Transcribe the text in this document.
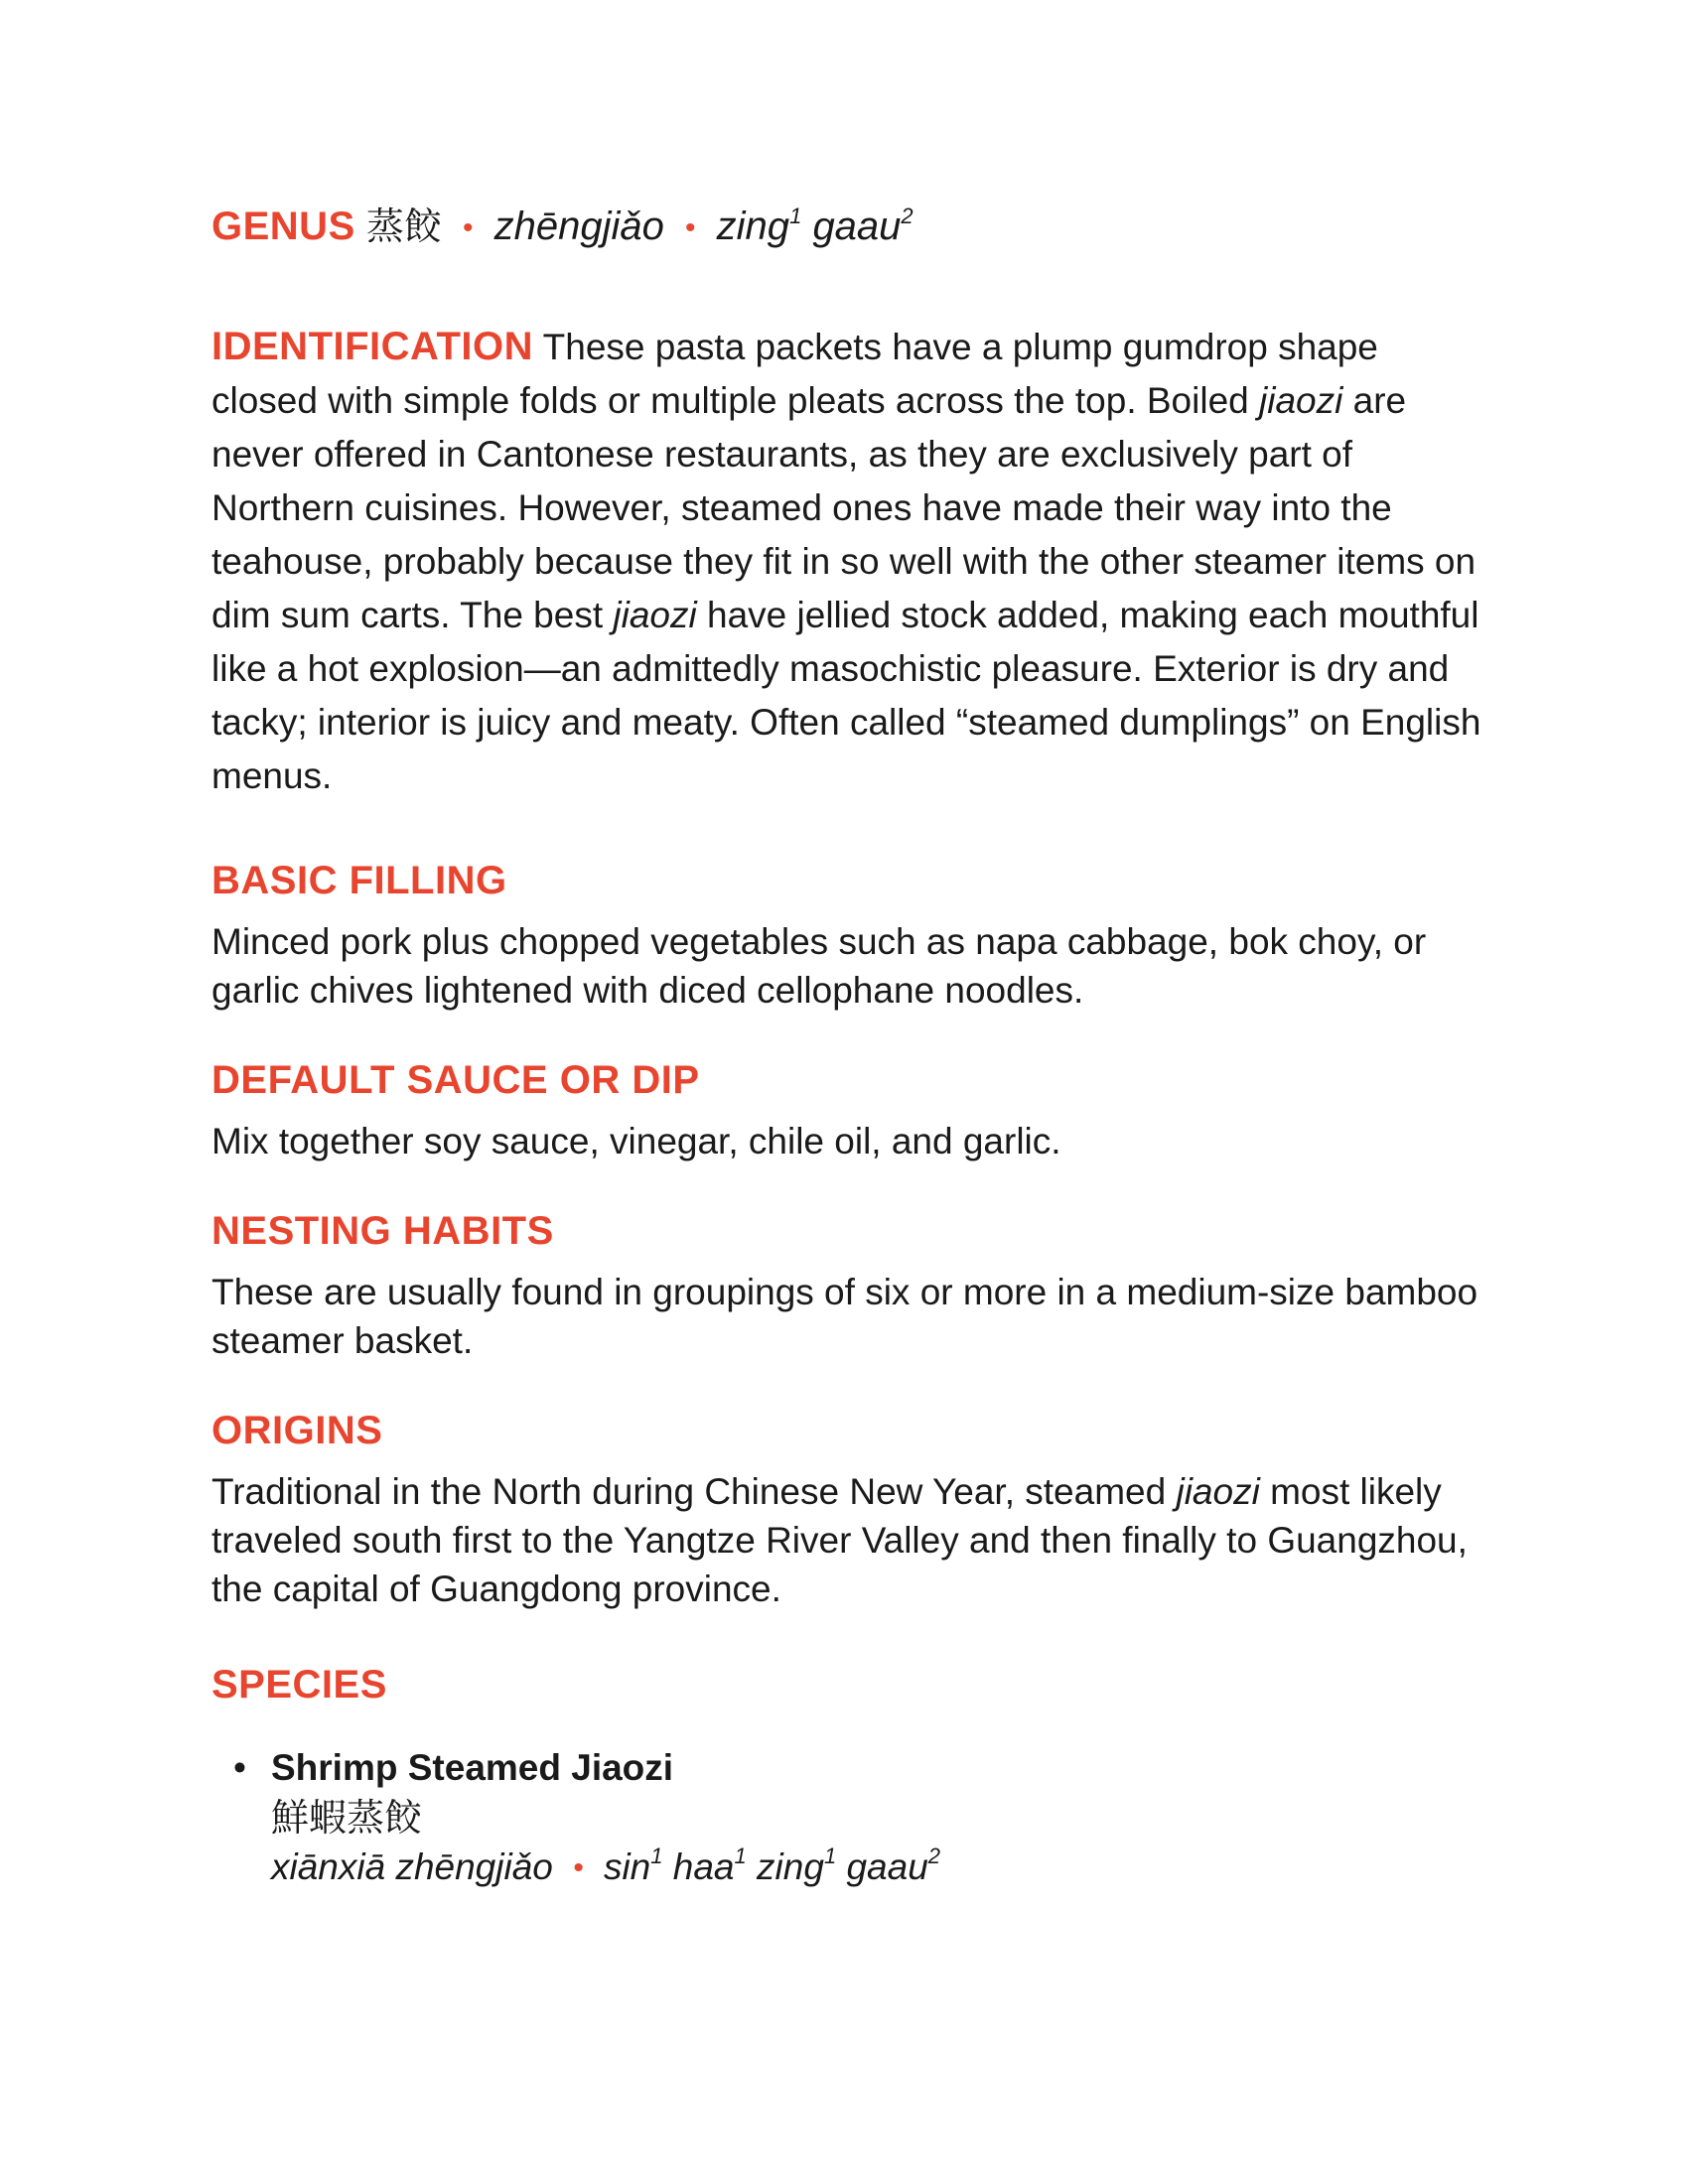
GENUS 蒸餃 • zhēngjiǎo • zing$^1$ gaau$^2$
IDENTIFICATION These pasta packets have a plump gumdrop shape closed with simple folds or multiple pleats across the top. Boiled jiaozi are never offered in Cantonese restaurants, as they are exclusively part of Northern cuisines. However, steamed ones have made their way into the teahouse, probably because they fit in so well with the other steamer items on dim sum carts. The best jiaozi have jellied stock added, making each mouthful like a hot explosion—an admittedly masochistic pleasure. Exterior is dry and tacky; interior is juicy and meaty. Often called “steamed dumplings” on English menus.
BASIC FILLING
Minced pork plus chopped vegetables such as napa cabbage, bok choy, or garlic chives lightened with diced cellophane noodles.
DEFAULT SAUCE OR DIP
Mix together soy sauce, vinegar, chile oil, and garlic.
NESTING HABITS
These are usually found in groupings of six or more in a medium-size bamboo steamer basket.
ORIGINS
Traditional in the North during Chinese New Year, steamed jiaozi most likely traveled south first to the Yangtze River Valley and then finally to Guangzhou, the capital of Guangdong province.
SPECIES
• Shrimp Steamed Jiaozi
鮮蝦蒸餃
xiānxiā zhēngjiǎo • $\sin^1 haa^1$ zing$^1$ gaau$^2$
